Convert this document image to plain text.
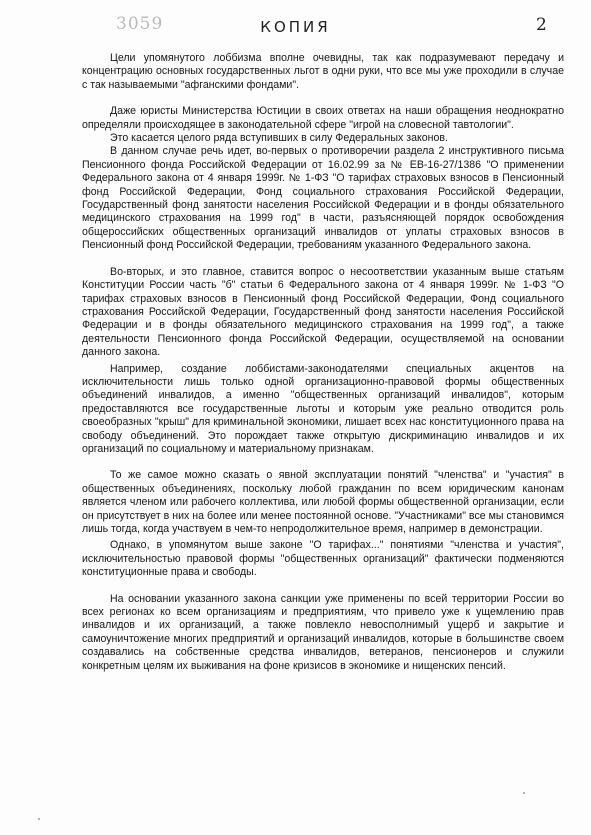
3059	КОПИЯ	2

Цели упомянутого лоббизма вполне очевидны, так как подразумевают передачу и концентрацию основных государственных льгот в одни руки, что все мы уже проходили в случае с так называемыми "афганскими фондами".

Даже юристы Министерства Юстиции в своих ответах на наши обращения неоднократно определяли происходящее в законодательной сфере "игрой на словесной тавтологии".

Это касается целого ряда вступивших в силу Федеральных законов.

В данном случае речь идет, во-первых о противоречии раздела 2 инструктивного письма Пенсионного фонда Российской Федерации от 16.02.99 за № ЕВ-16-27/1386 "О применении Федерального закона от 4 января 1999г. № 1-ФЗ "О тарифах страховых взносов в Пенсионный фонд Российской Федерации, Фонд социального страхования Российской Федерации, Государственный фонд занятости населения Российской Федерации и в фонды обязательного медицинского страхования на 1999 год" в части, разъясняющей порядок освобождения общероссийских общественных организаций инвалидов от уплаты страховых взносов в Пенсионный фонд Российской Федерации, требованиям указанного Федерального закона.

Во-вторых, и это главное, ставится вопрос о несоответствии указанным выше статьям Конституции России часть "б" статьи 6 Федерального закона от 4 января 1999г. № 1-ФЗ "О тарифах страховых взносов в Пенсионный фонд Российской Федерации, Фонд социального страхования Российской Федерации, Государственный фонд занятости населения Российской Федерации и в фонды обязательного медицинского страхования на 1999 год", а также деятельности Пенсионного фонда Российской Федерации, осуществляемой на основании данного закона.

Например, создание лоббистами-законодателями специальных акцентов на исключительности лишь только одной организационно-правовой формы общественных объединений инвалидов, а именно "общественных организаций инвалидов", которым предоставляются все государственные льготы и которым уже реально отводится роль своеобразных "крыш" для криминальной экономики, лишает всех нас конституционного права на свободу объединений. Это порождает также открытую дискриминацию инвалидов и их организаций по социальному и материальному признакам.

То же самое можно сказать о явной эксплуатации понятий "членства" и "участия" в общественных объединениях, поскольку любой гражданин по всем юридическим канонам является членом или рабочего коллектива, или любой формы общественной организации, если он присутствует в них на более или менее постоянной основе. "Участниками" все мы становимся лишь тогда, когда участвуем в чем-то непродолжительное время, например в демонстрации.

Однако, в упомянутом выше законе "О тарифах..." понятиями "членства и участия", исключительностью правовой формы "общественных организаций" фактически подменяются конституционные права и свободы.

На основании указанного закона санкции уже применены по всей территории России во всех регионах ко всем организациям и предприятиям, что привело уже к ущемлению прав инвалидов и их организаций, а также повлекло невосполнимый ущерб и закрытие и самоуничтожение многих предприятий и организаций инвалидов, которые в большинстве своем создавались на собственные средства инвалидов, ветеранов, пенсионеров и служили конкретным целям их выживания на фоне кризисов в экономике и нищенских пенсий.
